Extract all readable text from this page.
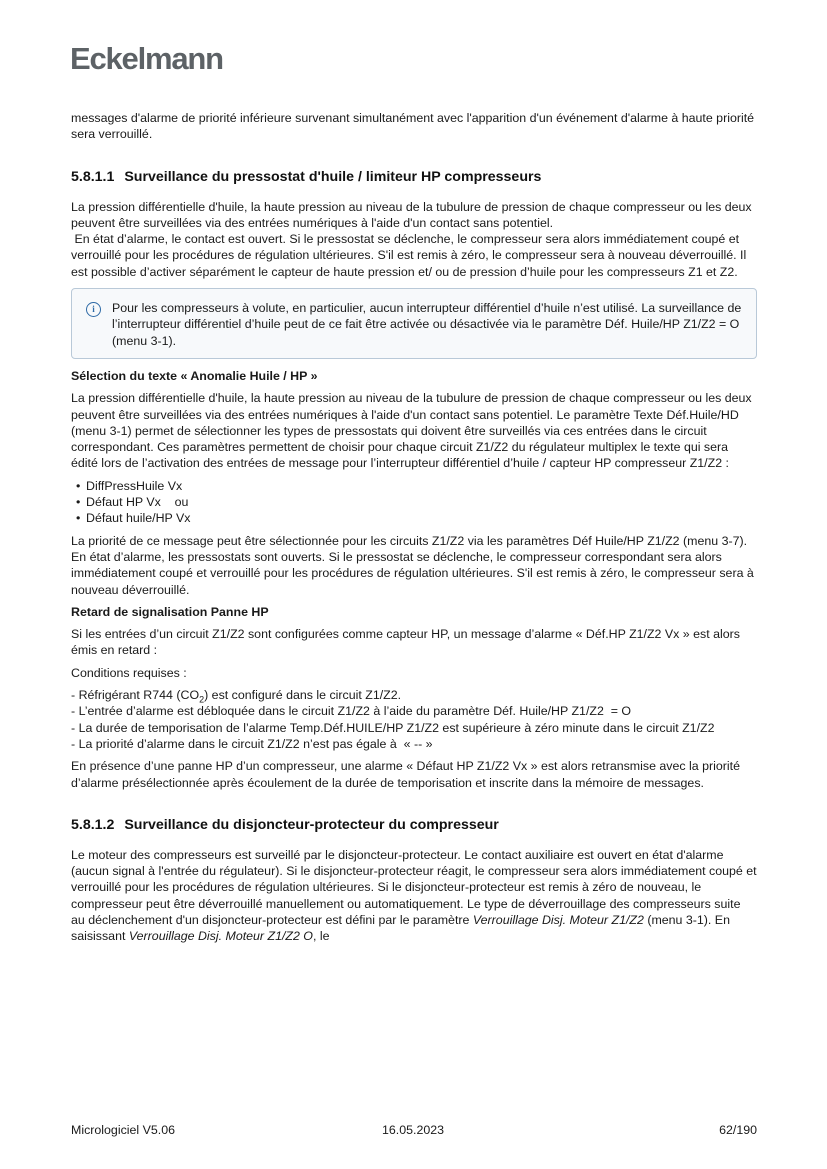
Eckelmann

messages d'alarme de priorité inférieure survenant simultanément avec l'apparition d'un événement d'alarme à haute priorité sera verrouillé.

5.8.1.1 Surveillance du pressostat d'huile / limiteur HP compresseurs

La pression différentielle d'huile, la haute pression au niveau de la tubulure de pression de chaque compresseur ou les deux peuvent être surveillées via des entrées numériques à l'aide d'un contact sans potentiel.

En état d’alarme, le contact est ouvert. Si le pressostat se déclenche, le compresseur sera alors immédiatement coupé et verrouillé pour les procédures de régulation ultérieures. S'il est remis à zéro, le compresseur sera à nouveau déverrouillé. Il est possible d’activer séparément le capteur de haute pression et/ ou de pression d’huile pour les compresseurs Z1 et Z2.

i	Pour les compresseurs à volute, en particulier, aucun interrupteur différentiel d’huile n’est utilisé. La surveillance de l’interrupteur différentiel d’huile peut de ce fait être activée ou désactivée via le paramètre Déf. Huile/HP Z1/Z2 = O (menu 3-1).

Sélection du texte « Anomalie Huile / HP »

La pression différentielle d'huile, la haute pression au niveau de la tubulure de pression de chaque compresseur ou les deux peuvent être surveillées via des entrées numériques à l'aide d'un contact sans potentiel. Le paramètre Texte Déf.Huile/HD (menu 3-1) permet de sélectionner les types de pressostats qui doivent être surveillés via ces entrées dans le circuit correspondant. Ces paramètres permettent de choisir pour chaque circuit Z1/Z2 du régulateur multiplex le texte qui sera édité lors de l’activation des entrées de message pour l’interrupteur différentiel d’huile / capteur HP compresseur Z1/Z2 :

• DiffPressHuile Vx
• Défaut HP Vx    ou
• Défaut huile/HP Vx

La priorité de ce message peut être sélectionnée pour les circuits Z1/Z2 via les paramètres Déf Huile/HP Z1/Z2 (menu 3-7). En état d’alarme, les pressostats sont ouverts. Si le pressostat se déclenche, le compresseur correspondant sera alors immédiatement coupé et verrouillé pour les procédures de régulation ultérieures. S'il est remis à zéro, le compresseur sera à nouveau déverrouillé.

Retard de signalisation Panne HP

Si les entrées d’un circuit Z1/Z2 sont configurées comme capteur HP, un message d’alarme « Déf.HP Z1/Z2 Vx » est alors émis en retard :

Conditions requises :

- Réfrigérant R744 $(CO_2)$ est configuré dans le circuit Z1/Z2.

- L’entrée d’alarme est débloquée dans le circuit Z1/Z2 à l’aide du paramètre Déf. Huile/HP Z1/Z2  = O

- La durée de temporisation de l’alarme Temp.Déf.HUILE/HP Z1/Z2 est supérieure à zéro minute dans le circuit Z1/Z2

- La priorité d’alarme dans le circuit Z1/Z2 n’est pas égale à  « -- »

En présence d’une panne HP d’un compresseur, une alarme « Défaut HP Z1/Z2 Vx » est alors retransmise avec la priorité d’alarme présélectionnée après écoulement de la durée de temporisation et inscrite dans la mémoire de messages.

5.8.1.2 Surveillance du disjoncteur-protecteur du compresseur

Le moteur des compresseurs est surveillé par le disjoncteur-protecteur. Le contact auxiliaire est ouvert en état d'alarme (aucun signal à l'entrée du régulateur). Si le disjoncteur-protecteur réagit, le compresseur sera alors immédiatement coupé et verrouillé pour les procédures de régulation ultérieures. Si le disjoncteur-protecteur est remis à zéro de nouveau, le compresseur peut être déverrouillé manuellement ou automatiquement. Le type de déverrouillage des compresseurs suite au déclenchement d'un disjoncteur-protecteur est défini par le paramètre Verrouillage Disj. Moteur Z1/Z2 (menu 3-1). En saisissant Verrouillage Disj. Moteur Z1/Z2 O, le

Micrologiciel V5.06	16.05.2023	62/190
